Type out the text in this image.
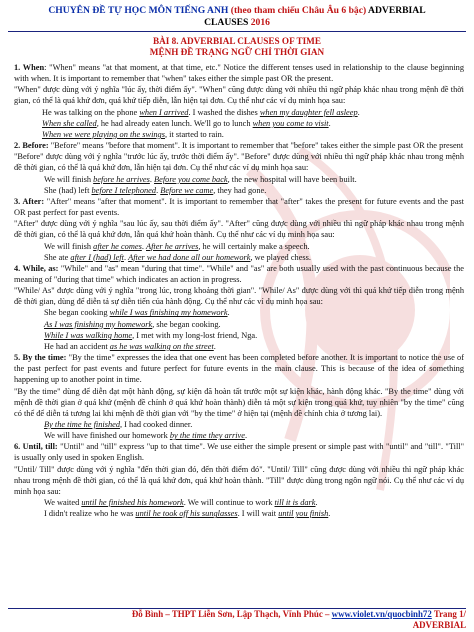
CHUYÊN ĐỀ TỰ HỌC MÔN TIẾNG ANH (theo tham chiếu Châu Âu 6 bậc) ADVERBIAL
CLAUSES 2016
BÀI 8. ADVERBIAL CLAUSES OF TIME
MỆNH ĐỀ TRẠNG NGỮ CHỈ THỜI GIAN

1. When: "When" means "at that moment, at that time, etc." Notice the different tenses used in relationship to the clause beginning with when. It is important to remember that "when" takes either the simple past OR the present.

"When" được dùng với ý nghĩa "lúc ấy, thời điểm ấy". "When" cũng được dùng với nhiều thì ngữ pháp khác nhau trong mệnh đề thời gian, có thể là quá khứ đơn, quá khứ tiếp diễn, lẫn hiện tại đơn. Cụ thể như các ví dụ minh họa sau:

He was talking on the phone when I arrived. I washed the dishes when my daughter fell asleep.

When she called, he had already eaten lunch. We'll go to lunch when you come to visit.

When we were playing on the swings, it started to rain.

2. Before: "Before" means "before that moment". It is important to remember that "before" takes either the simple past OR the present

"Before" được dùng với ý nghĩa "trước lúc ấy, trước thời điểm ấy". "Before" được dùng với nhiều thì ngữ pháp khác nhau trong mệnh đề thời gian, có thể là quá khứ đơn, lẫn hiện tại đơn. Cụ thể như các ví dụ minh họa sau:

We will finish before he arrives. Before you come back, the new hospital will have been built.

She (had) left before I telephoned. Before we came, they had gone.

3. After: "After" means "after that moment". It is important to remember that "after" takes the present for future events and the past OR past perfect for past events.

"After" được dùng với ý nghĩa "sau lúc ấy, sau thời điểm ấy". "After" cũng được dùng với nhiều thì ngữ pháp khác nhau trong mệnh đề thời gian, có thể là quá khứ đơn, lẫn quá khứ hoàn thành. Cụ thể như các ví dụ minh họa sau:

We will finish after he comes. After he arrives, he will certainly make a speech.

She ate after I (had) left. After we had done all our homework, we played chess.

4. While, as: "While" and "as" mean "during that time". "While" and "as" are both usually used with the past continuous because the meaning of "during that time" which indicates an action in progress.

"While/ As" được dùng với ý nghĩa "trong lúc, trong khoảng thời gian". "While/ As" được dùng với thì quá khứ tiếp diễn trong mệnh đề thời gian, dùng để diễn tả sự diễn tiến của hành động. Cụ thể như các ví dụ minh họa sau:

She began cooking while I was finishing my homework.

As I was finishing my homework, she began cooking.

While I was walking home, I met with my long-lost friend, Nga.

He had an accident as he was walking on the street.

5. By the time: "By the time" expresses the idea that one event has been completed before another. It is important to notice the use of the past perfect for past events and future perfect for future events in the main clause. This is because of the idea of something happening up to another point in time.

"By the time" dùng để diễn đạt một hành động, sự kiện đã hoàn tất trước một sự kiện khác, hành động khác. "By the time" dùng với mệnh đề thời gian ở quá khứ (mệnh đề chính ở quá khứ hoàn thành) diễn tả một sự kiện trong quá khứ, tuy nhiên "by the time" cũng có thể để diễn tả tương lai khi mệnh đề thời gian với "by the time" ở hiện tại (mệnh đề chính chia ở tương lai).

By the time he finished, I had cooked dinner.

We will have finished our homework by the time they arrive.

6. Until, till: "Until" and "till" express "up to that time". We use either the simple present or simple past with "until" and "till". "Till" is usually only used in spoken English.

"Until/ Till" được dùng với ý nghĩa "đến thời gian đó, đến thời điểm đó". "Until/ Till" cũng được dùng với nhiều thì ngữ pháp khác nhau trong mệnh đề thời gian, có thể là quá khứ đơn, quá khứ hoàn thành. "Till" được dùng trong ngôn ngữ nói. Cụ thể như các ví dụ minh họa sau:

We waited until he finished his homework. We will continue to work till it is dark.

I didn't realize who he was until he took off his sunglasses. I will wait until you finish.

Đỗ Bình – THPT Liễn Sơn, Lập Thạch, Vĩnh Phúc – www.violet.vn/quocbinh72 Trang 1/
ADVERBIAL
